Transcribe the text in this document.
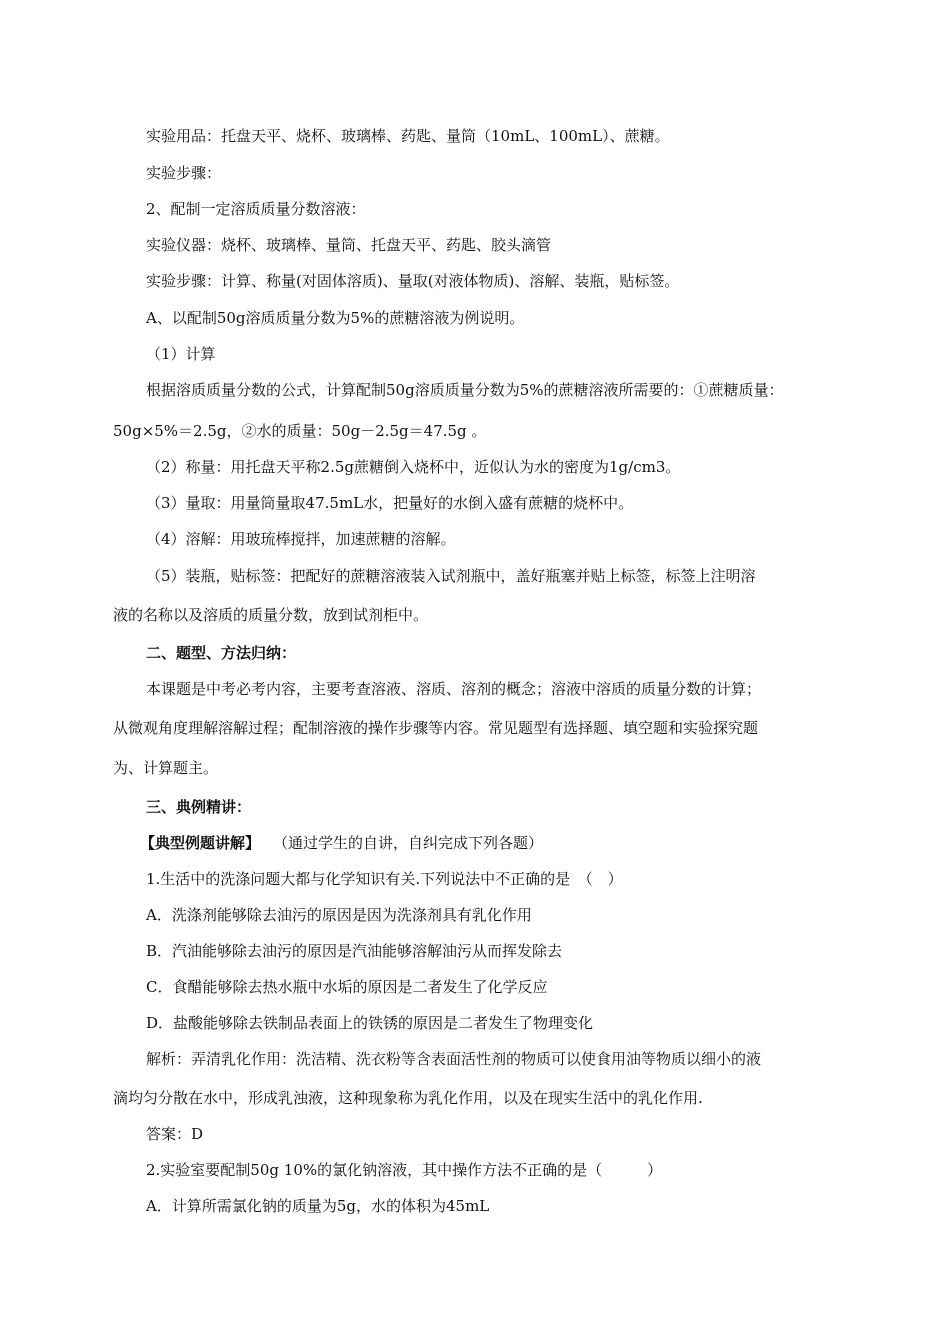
实验用品：托盘天平、烧杯、玻璃棒、药匙、量筒（10mL、100mL）、蔗糖。
实验步骤：
2、配制一定溶质质量分数溶液：
实验仪器：烧杯、玻璃棒、量筒、托盘天平、药匙、胶头滴管
实验步骤：计算、称量(对固体溶质)、量取(对液体物质)、溶解、装瓶，贴标签。
A、以配制50g溶质质量分数为5%的蔗糖溶液为例说明。
（1）计算
根据溶质质量分数的公式，计算配制50g溶质质量分数为5%的蔗糖溶液所需要的：①蔗糖质量：
50g×5%＝2.5g，②水的质量：50g－2.5g＝47.5g 。
（2）称量：用托盘天平称2.5g蔗糖倒入烧杯中，近似认为水的密度为1g/cm3。
（3）量取：用量筒量取47.5mL水，把量好的水倒入盛有蔗糖的烧杯中。
（4）溶解：用玻琉棒搅拌，加速蔗糖的溶解。
（5）装瓶，贴标签：把配好的蔗糖溶液装入试剂瓶中，盖好瓶塞并贴上标签，标签上注明溶
液的名称以及溶质的质量分数，放到试剂柜中。
二、题型、方法归纳：
本课题是中考必考内容，主要考查溶液、溶质、溶剂的概念；溶液中溶质的质量分数的计算；
从微观角度理解溶解过程；配制溶液的操作步骤等内容。常见题型有选择题、填空题和实验探究题
为、计算题主。
三、典例精讲：
【典型例题讲解】 （通过学生的自讲，自纠完成下列各题）
1.生活中的洗涤问题大都与化学知识有关.下列说法中不正确的是　（　）
A．洗涤剂能够除去油污的原因是因为洗涤剂具有乳化作用
B．汽油能够除去油污的原因是汽油能够溶解油污从而挥发除去
C．食醋能够除去热水瓶中水垢的原因是二者发生了化学反应
D．盐酸能够除去铁制品表面上的铁锈的原因是二者发生了物理变化
解析：弄清乳化作用：洗洁精、洗衣粉等含表面活性剂的物质可以使食用油等物质以细小的液
滴均匀分散在水中，形成乳浊液，这种现象称为乳化作用，以及在现实生活中的乳化作用.
答案：D
2.实验室要配制50g 10%的氯化钠溶液，其中操作方法不正确的是（　　　）
A．计算所需氯化钠的质量为5g，水的体积为45mL
